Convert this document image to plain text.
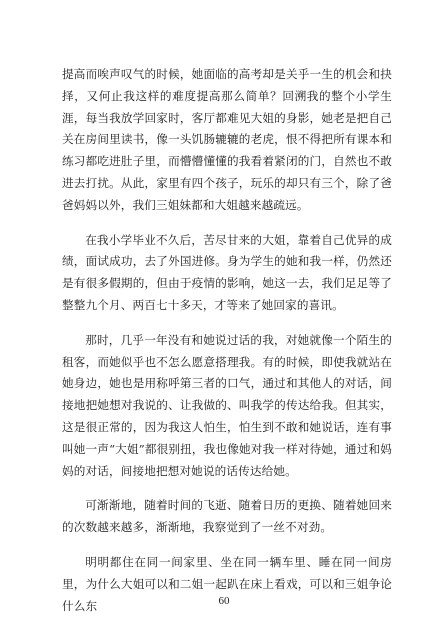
提高而唉声叹气的时候，她面临的高考却是关乎一生的机会和抉择，又何止我这样的难度提高那么简单？回溯我的整个小学生涯，每当我放学回家时，客厅都难见大姐的身影，她老是把自己关在房间里读书，像一头饥肠辘辘的老虎，恨不得把所有课本和练习都吃进肚子里，而懵懵懂懂的我看着紧闭的门，自然也不敢进去打扰。从此，家里有四个孩子，玩乐的却只有三个，除了爸爸妈妈以外，我们三姐妹都和大姐越来越疏远。

在我小学毕业不久后，苦尽甘来的大姐，靠着自己优异的成绩，面试成功，去了外国进修。身为学生的她和我一样，仍然还是有很多假期的，但由于疫情的影响，她这一去，我们足足等了整整九个月、两百七十多天，才等来了她回家的喜讯。

那时，几乎一年没有和她说过话的我，对她就像一个陌生的租客，而她似乎也不怎么愿意搭理我。有的时候，即使我就站在她身边，她也是用称呼第三者的口气，通过和其他人的对话，间接地把她想对我说的、让我做的、叫我学的传达给我。但其实，这是很正常的，因为我这人怕生，怕生到不敢和她说话，连有事叫她一声“大姐”都很别扭，我也像她对我一样对待她，通过和妈妈的对话，间接地把想对她说的话传达给她。

可渐渐地，随着时间的飞逝、随着日历的更换、随着她回来的次数越来越多，渐渐地，我察觉到了一丝不对劲。

明明都住在同一间家里、坐在同一辆车里、睡在同一间房里，为什么大姐可以和二姐一起趴在床上看戏，可以和三姐争论什么东	60
